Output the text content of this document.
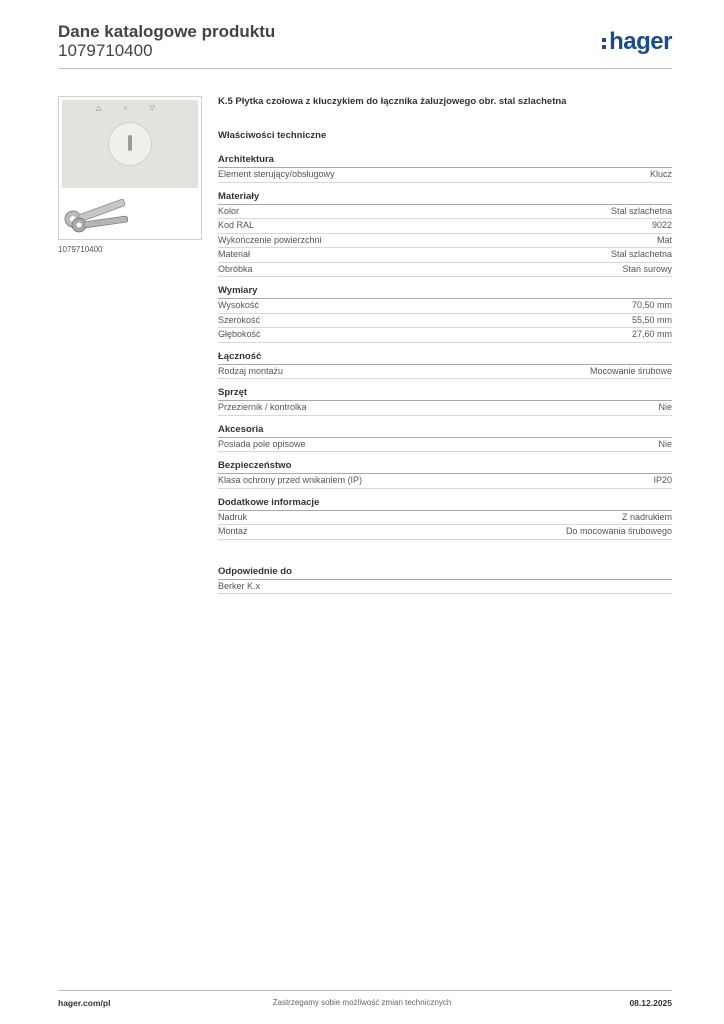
Dane katalogowe produktu
1079710400	hager
△ ○ ▽
1079710400
K.5 Płytka czołowa z kluczykiem do łącznika żaluzjowego obr. stal szlachetna
Właściwości techniczne
Architektura
Element sterujący/obsługowy	Klucz
Materiały
Kolor	Stal szlachetna
Kod RAL	9022
Wykończenie powierzchni	Mat
Materiał	Stal szlachetna
Obróbka	Stan surowy
Wymiary
Wysokość	70,50 mm
Szerokość	55,50 mm
Głębokość	27,60 mm
Łączność
Rodzaj montażu	Mocowanie śrubowe
Sprzęt
Przeziernik / kontrolka	Nie
Akcesoria
Posiada pole opisowe	Nie
Bezpieczeństwo
Klasa ochrony przed wnikaniem (IP)	IP20
Dodatkowe informacje
Nadruk	Z nadrukiem
Montaż	Do mocowania śrubowego
Odpowiednie do
Berker K.x
Zastrzegamy sobie możliwość zmian technicznych
hager.com/pl	08.12.2025
